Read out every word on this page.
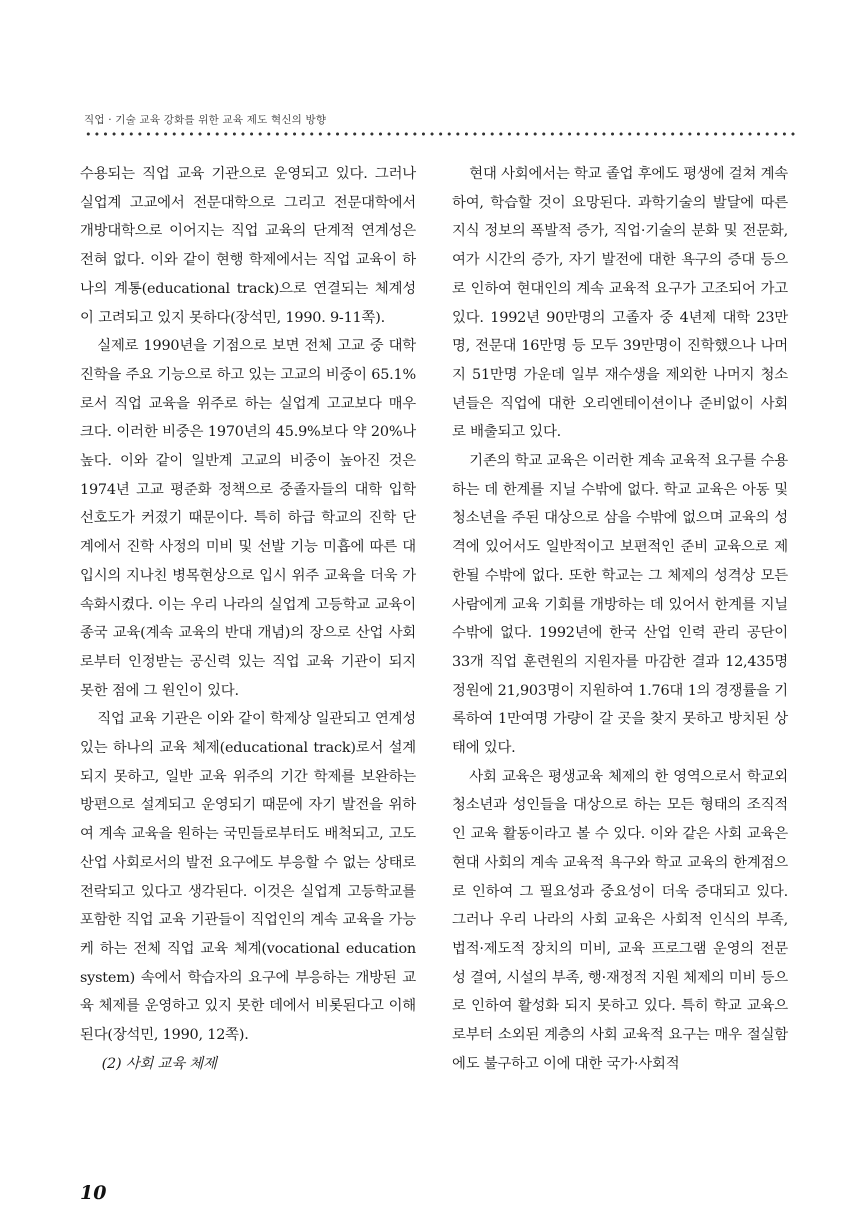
직업 · 기술 교육 강화를 위한 교육 제도 혁신의 방향

수용되는 직업 교육 기관으로 운영되고 있다. 그러나 실업계 고교에서 전문대학으로 그리고 전문대학에서 개방대학으로 이어지는 직업 교육의 단계적 연계성은 전혀 없다. 이와 같이 현행 학제에서는 직업 교육이 하나의 계통(educational track)으로 연결되는 체계성이 고려되고 있지 못하다(장석민, 1990. 9-11쪽).

실제로 1990년을 기점으로 보면 전체 고교 중 대학 진학을 주요 기능으로 하고 있는 고교의 비중이 65.1%로서 직업 교육을 위주로 하는 실업계 고교보다 매우 크다. 이러한 비중은 1970년의 45.9%보다 약 20%나 높다. 이와 같이 일반계 고교의 비중이 높아진 것은 1974년 고교 평준화 정책으로 중졸자들의 대학 입학 선호도가 커졌기 때문이다. 특히 하급 학교의 진학 단계에서 진학 사정의 미비 및 선발 기능 미흡에 따른 대입시의 지나친 병목현상으로 입시 위주 교육을 더욱 가속화시켰다. 이는 우리 나라의 실업계 고등학교 교육이 종국 교육(계속 교육의 반대 개념)의 장으로 산업 사회로부터 인정받는 공신력 있는 직업 교육 기관이 되지 못한 점에 그 원인이 있다.

직업 교육 기관은 이와 같이 학제상 일관되고 연계성 있는 하나의 교육 체제(educational track)로서 설계되지 못하고, 일반 교육 위주의 기간 학제를 보완하는 방편으로 설계되고 운영되기 때문에 자기 발전을 위하여 계속 교육을 원하는 국민들로부터도 배척되고, 고도 산업 사회로서의 발전 요구에도 부응할 수 없는 상태로 전락되고 있다고 생각된다. 이것은 실업계 고등학교를 포함한 직업 교육 기관들이 직업인의 계속 교육을 가능케 하는 전체 직업 교육 체계(vocational education system) 속에서 학습자의 요구에 부응하는 개방된 교육 체제를 운영하고 있지 못한 데에서 비롯된다고 이해된다(장석민, 1990, 12쪽).

(2) 사회 교육 체제

현대 사회에서는 학교 졸업 후에도 평생에 걸쳐 계속하여, 학습할 것이 요망된다. 과학기술의 발달에 따른 지식 정보의 폭발적 증가, 직업·기술의 분화 및 전문화, 여가 시간의 증가, 자기 발전에 대한 욕구의 증대 등으로 인하여 현대인의 계속 교육적 요구가 고조되어 가고 있다. 1992년 90만명의 고졸자 중 4년제 대학 23만명, 전문대 16만명 등 모두 39만명이 진학했으나 나머지 51만명 가운데 일부 재수생을 제외한 나머지 청소년들은 직업에 대한 오리엔테이션이나 준비없이 사회로 배출되고 있다.

기존의 학교 교육은 이러한 계속 교육적 요구를 수용하는 데 한계를 지닐 수밖에 없다. 학교 교육은 아동 및 청소년을 주된 대상으로 삼을 수밖에 없으며 교육의 성격에 있어서도 일반적이고 보편적인 준비 교육으로 제한될 수밖에 없다. 또한 학교는 그 체제의 성격상 모든 사람에게 교육 기회를 개방하는 데 있어서 한계를 지닐 수밖에 없다. 1992년에 한국 산업 인력 관리 공단이 33개 직업 훈련원의 지원자를 마감한 결과 12,435명 정원에 21,903명이 지원하여 1.76대 1의 경쟁률을 기록하여 1만여명 가량이 갈 곳을 찾지 못하고 방치된 상태에 있다.

사회 교육은 평생교육 체제의 한 영역으로서 학교외 청소년과 성인들을 대상으로 하는 모든 형태의 조직적인 교육 활동이라고 볼 수 있다. 이와 같은 사회 교육은 현대 사회의 계속 교육적 욕구와 학교 교육의 한계점으로 인하여 그 필요성과 중요성이 더욱 증대되고 있다. 그러나 우리 나라의 사회 교육은 사회적 인식의 부족, 법적·제도적 장치의 미비, 교육 프로그램 운영의 전문성 결여, 시설의 부족, 행·재정적 지원 체제의 미비 등으로 인하여 활성화 되지 못하고 있다. 특히 학교 교육으로부터 소외된 계층의 사회 교육적 요구는 매우 절실함에도 불구하고 이에 대한 국가·사회적

10
